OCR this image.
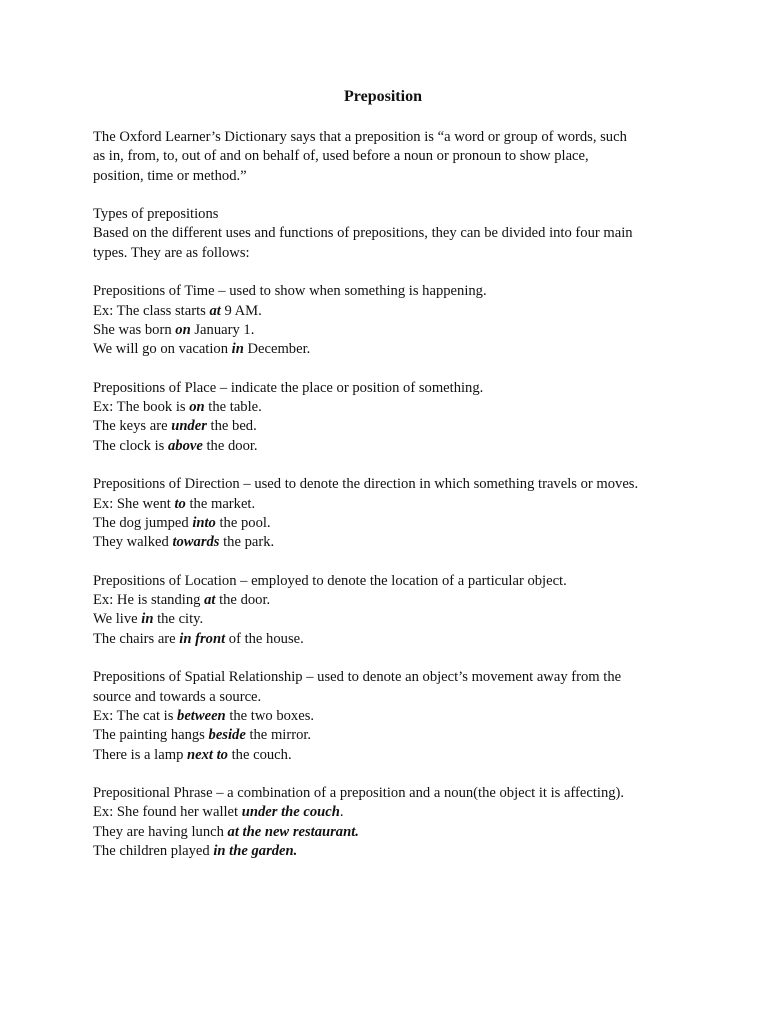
Preposition
The Oxford Learner’s Dictionary says that a preposition is “a word or group of words, such
as in, from, to, out of and on behalf of, used before a noun or pronoun to show place,
position, time or method.”
Types of prepositions
Based on the different uses and functions of prepositions, they can be divided into four main
types. They are as follows:
Prepositions of Time – used to show when something is happening.
Ex: The class starts at 9 AM.
She was born on January 1.
We will go on vacation in December.
Prepositions of Place – indicate the place or position of something.
Ex: The book is on the table.
The keys are under the bed.
The clock is above the door.
Prepositions of Direction – used to denote the direction in which something travels or moves.
Ex: She went to the market.
The dog jumped into the pool.
They walked towards the park.
Prepositions of Location – employed to denote the location of a particular object.
Ex: He is standing at the door.
We live in the city.
The chairs are in front of the house.
Prepositions of Spatial Relationship – used to denote an object’s movement away from the
source and towards a source.
Ex: The cat is between the two boxes.
The painting hangs beside the mirror.
There is a lamp next to the couch.
Prepositional Phrase – a combination of a preposition and a noun(the object it is affecting).
Ex: She found her wallet under the couch.
They are having lunch at the new restaurant.
The children played in the garden.
